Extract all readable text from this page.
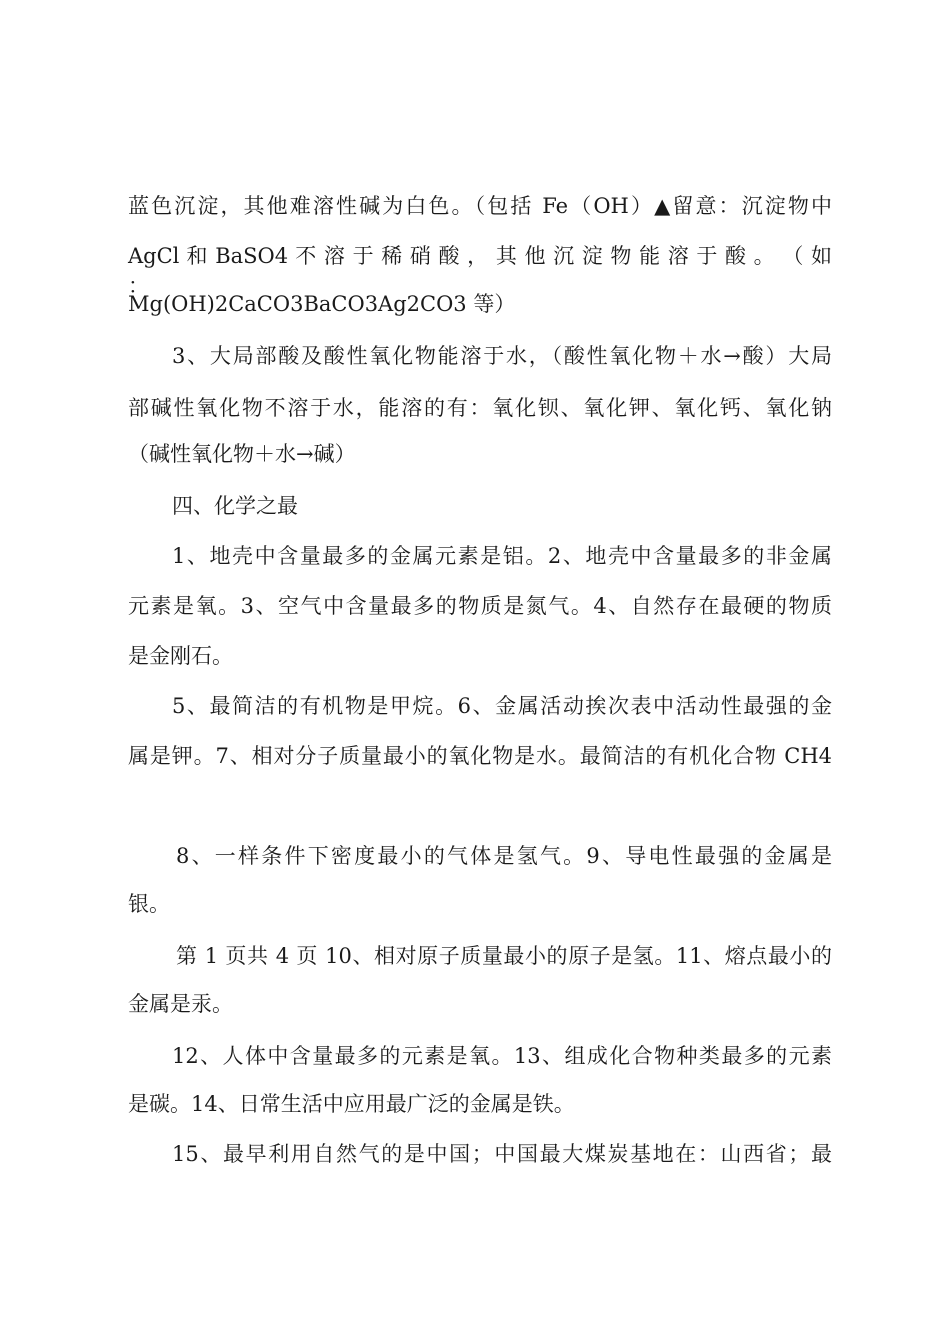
蓝色沉淀，其他难溶性碱为白色。（包括 Fe（OH）▲留意：沉淀物中
AgCl 和 BaSO4 不 溶 于 稀 硝 酸 ， 其 他 沉 淀 物 能 溶 于 酸 。 （ 如 ：
Mg(OH)2CaCO3BaCO3Ag2CO3 等）
3、大局部酸及酸性氧化物能溶于水，（酸性氧化物＋水→酸）大局
部碱性氧化物不溶于水，能溶的有：氧化钡、氧化钾、氧化钙、氧化钠
（碱性氧化物＋水→碱）
四、化学之最
1、地壳中含量最多的金属元素是铝。2、地壳中含量最多的非金属
元素是氧。3、空气中含量最多的物质是氮气。4、自然存在最硬的物质
是金刚石。
5、最简洁的有机物是甲烷。6、金属活动挨次表中活动性最强的金
属是钾。7、相对分子质量最小的氧化物是水。最简洁的有机化合物 CH4
8、一样条件下密度最小的气体是氢气。9、导电性最强的金属是
银。
第 1 页共 4 页 10、相对原子质量最小的原子是氢。11、熔点最小的
金属是汞。
12、人体中含量最多的元素是氧。13、组成化合物种类最多的元素
是碳。14、日常生活中应用最广泛的金属是铁。
15、最早利用自然气的是中国；中国最大煤炭基地在：山西省；最
